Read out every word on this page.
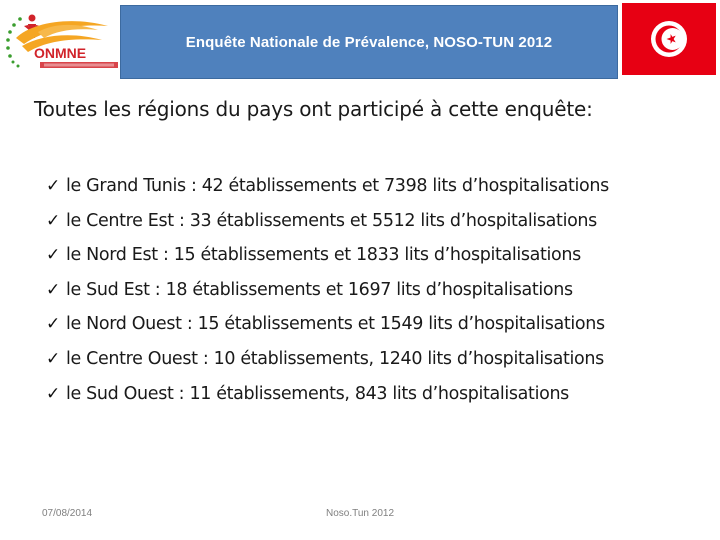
ONMNE
Enquête Nationale de Prévalence, NOSO-TUN 2012
Toutes les régions du pays ont participé à cette enquête:
✓ le Grand Tunis : 42 établissements et 7398 lits d’hospitalisations
✓ le Centre Est : 33 établissements et 5512 lits d’hospitalisations
✓ le Nord Est : 15 établissements et 1833 lits d’hospitalisations
✓ le Sud Est : 18 établissements et 1697 lits d’hospitalisations
✓ le Nord Ouest : 15 établissements et 1549 lits d’hospitalisations
✓ le Centre Ouest : 10 établissements, 1240 lits d’hospitalisations
✓ le Sud Ouest : 11 établissements, 843 lits d’hospitalisations
07/08/2014	Noso.Tun 2012
